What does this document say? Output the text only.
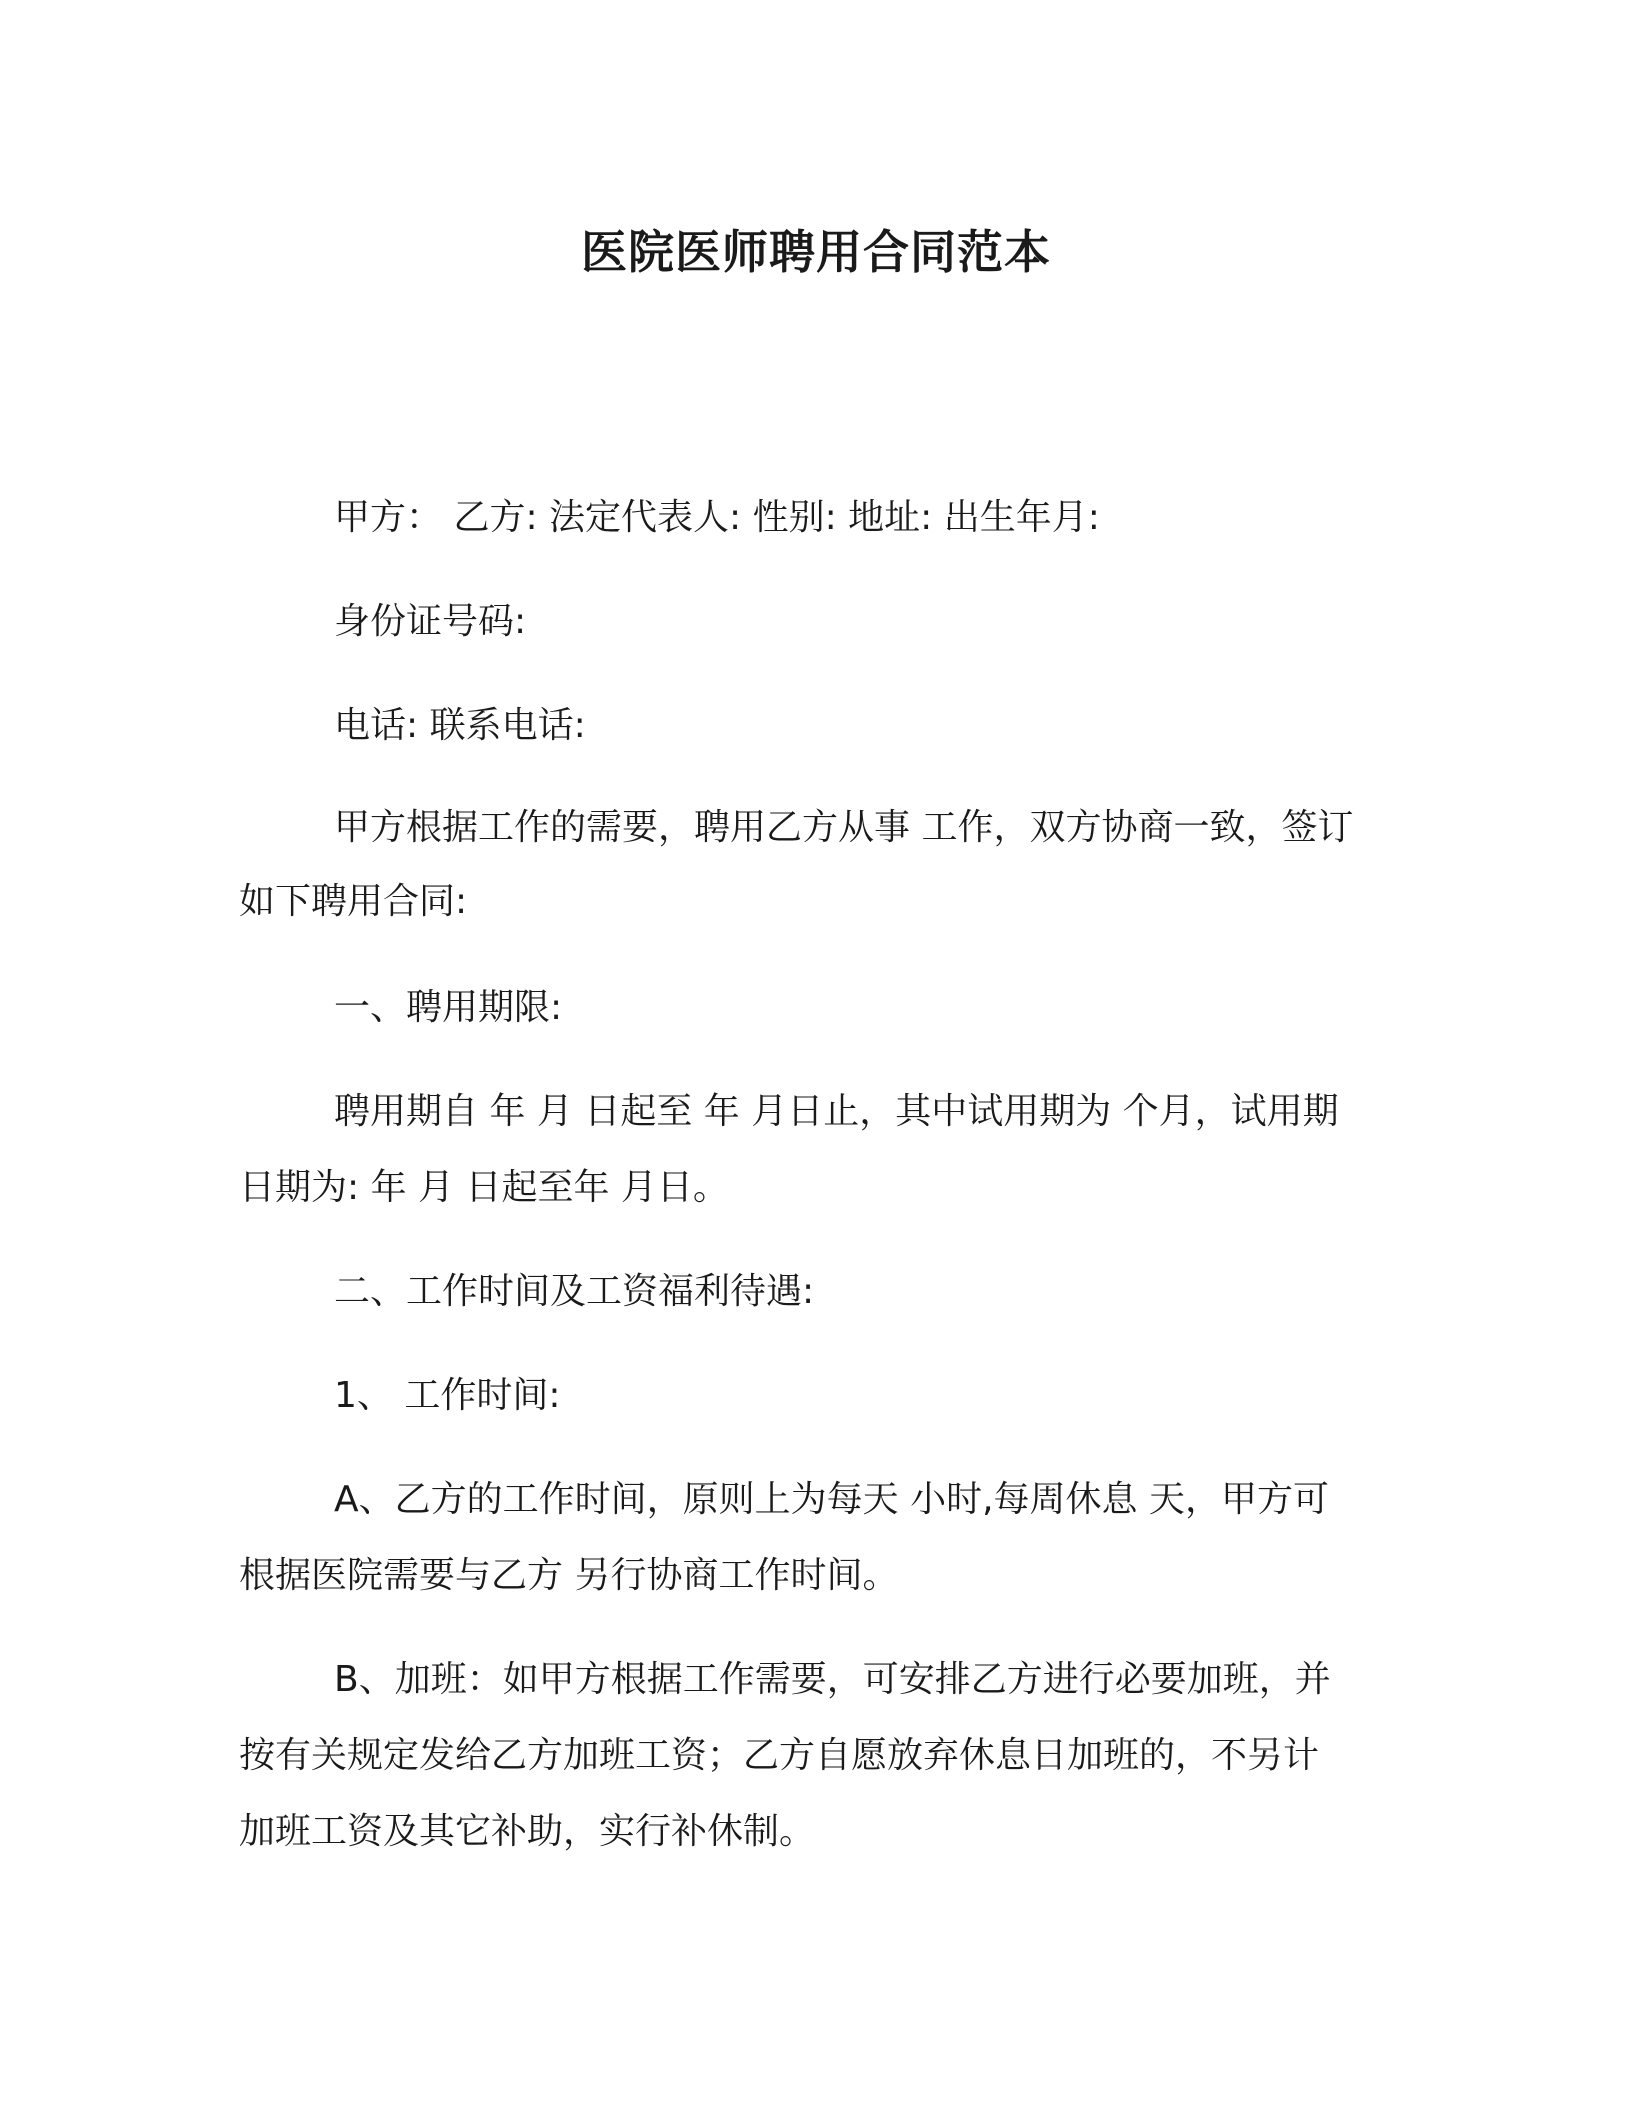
医院医师聘用合同范本
甲方： 乙方: 法定代表人: 性别: 地址: 出生年月:
身份证号码:
电话: 联系电话:
甲方根据工作的需要，聘用乙方从事 工作，双方协商一致，签订
如下聘用合同:
一、聘用期限:
聘用期自 年 月 日起至 年 月日止，其中试用期为 个月，试用期
日期为: 年 月 日起至年 月日。
二、工作时间及工资福利待遇:
1、 工作时间:
A、乙方的工作时间，原则上为每天 小时,每周休息 天，甲方可
根据医院需要与乙方 另行协商工作时间。
B、加班：如甲方根据工作需要，可安排乙方进行必要加班，并
按有关规定发给乙方加班工资；乙方自愿放弃休息日加班的，不另计
加班工资及其它补助，实行补休制。
